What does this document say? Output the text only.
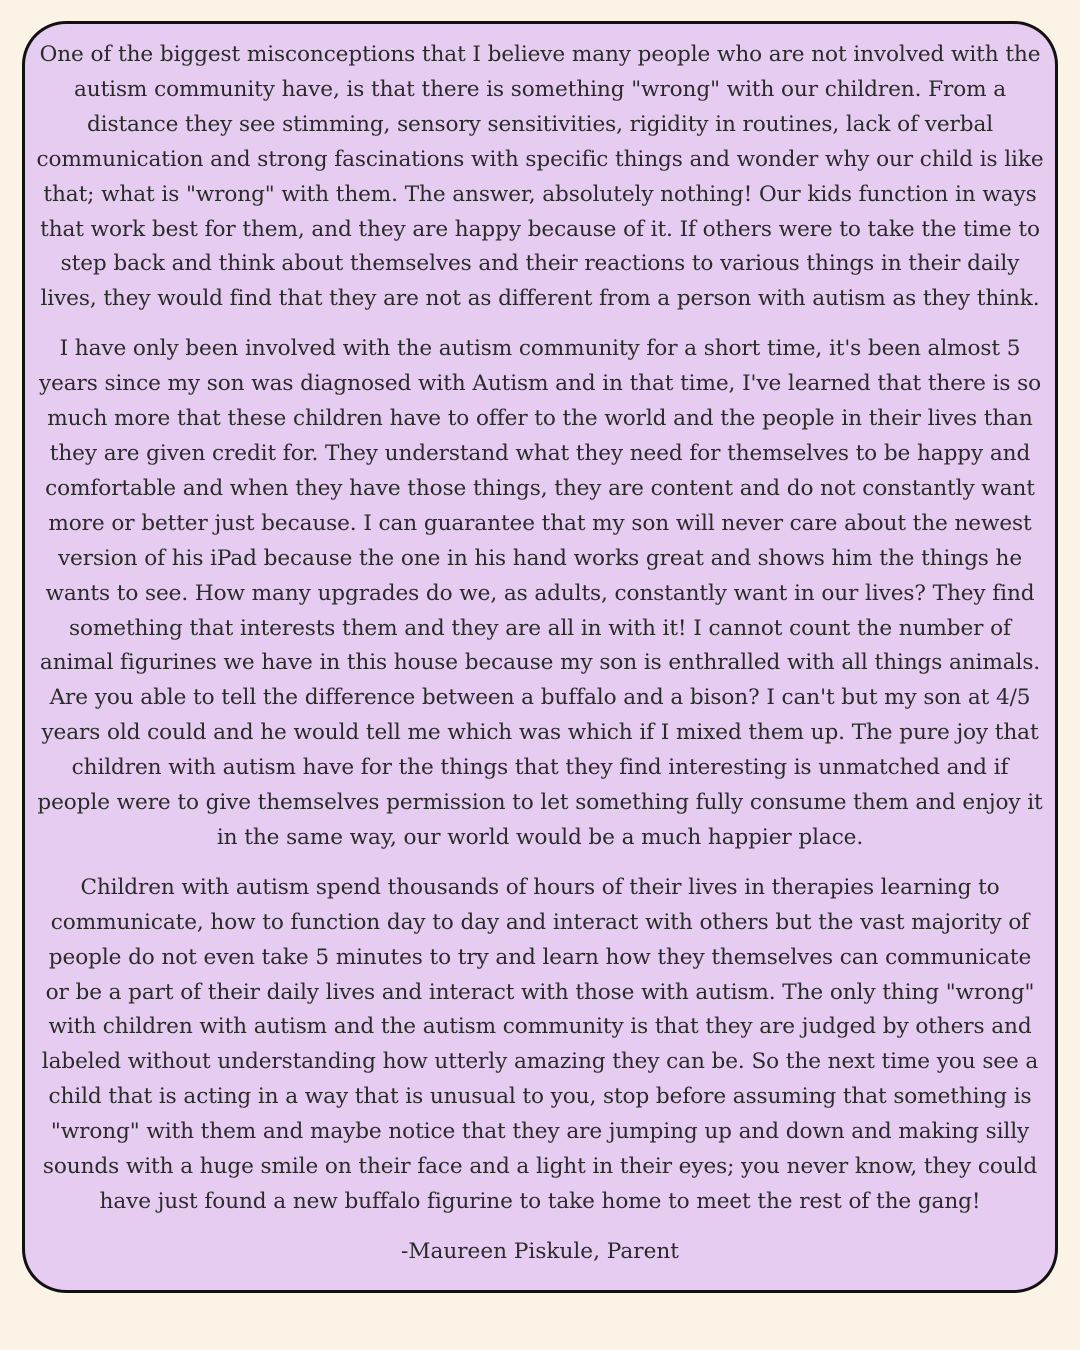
One of the biggest misconceptions that I believe many people who are not involved with the autism community have, is that there is something "wrong" with our children. From a distance they see stimming, sensory sensitivities, rigidity in routines, lack of verbal communication and strong fascinations with specific things and wonder why our child is like that; what is "wrong" with them. The answer, absolutely nothing! Our kids function in ways that work best for them, and they are happy because of it. If others were to take the time to step back and think about themselves and their reactions to various things in their daily lives, they would find that they are not as different from a person with autism as they think.

I have only been involved with the autism community for a short time, it's been almost 5 years since my son was diagnosed with Autism and in that time, I've learned that there is so much more that these children have to offer to the world and the people in their lives than they are given credit for. They understand what they need for themselves to be happy and comfortable and when they have those things, they are content and do not constantly want more or better just because. I can guarantee that my son will never care about the newest version of his iPad because the one in his hand works great and shows him the things he wants to see. How many upgrades do we, as adults, constantly want in our lives? They find something that interests them and they are all in with it! I cannot count the number of animal figurines we have in this house because my son is enthralled with all things animals. Are you able to tell the difference between a buffalo and a bison? I can't but my son at 4/5 years old could and he would tell me which was which if I mixed them up. The pure joy that children with autism have for the things that they find interesting is unmatched and if people were to give themselves permission to let something fully consume them and enjoy it in the same way, our world would be a much happier place.

Children with autism spend thousands of hours of their lives in therapies learning to communicate, how to function day to day and interact with others but the vast majority of people do not even take 5 minutes to try and learn how they themselves can communicate or be a part of their daily lives and interact with those with autism. The only thing "wrong" with children with autism and the autism community is that they are judged by others and labeled without understanding how utterly amazing they can be. So the next time you see a child that is acting in a way that is unusual to you, stop before assuming that something is "wrong" with them and maybe notice that they are jumping up and down and making silly sounds with a huge smile on their face and a light in their eyes; you never know, they could have just found a new buffalo figurine to take home to meet the rest of the gang!

-Maureen Piskule, Parent
